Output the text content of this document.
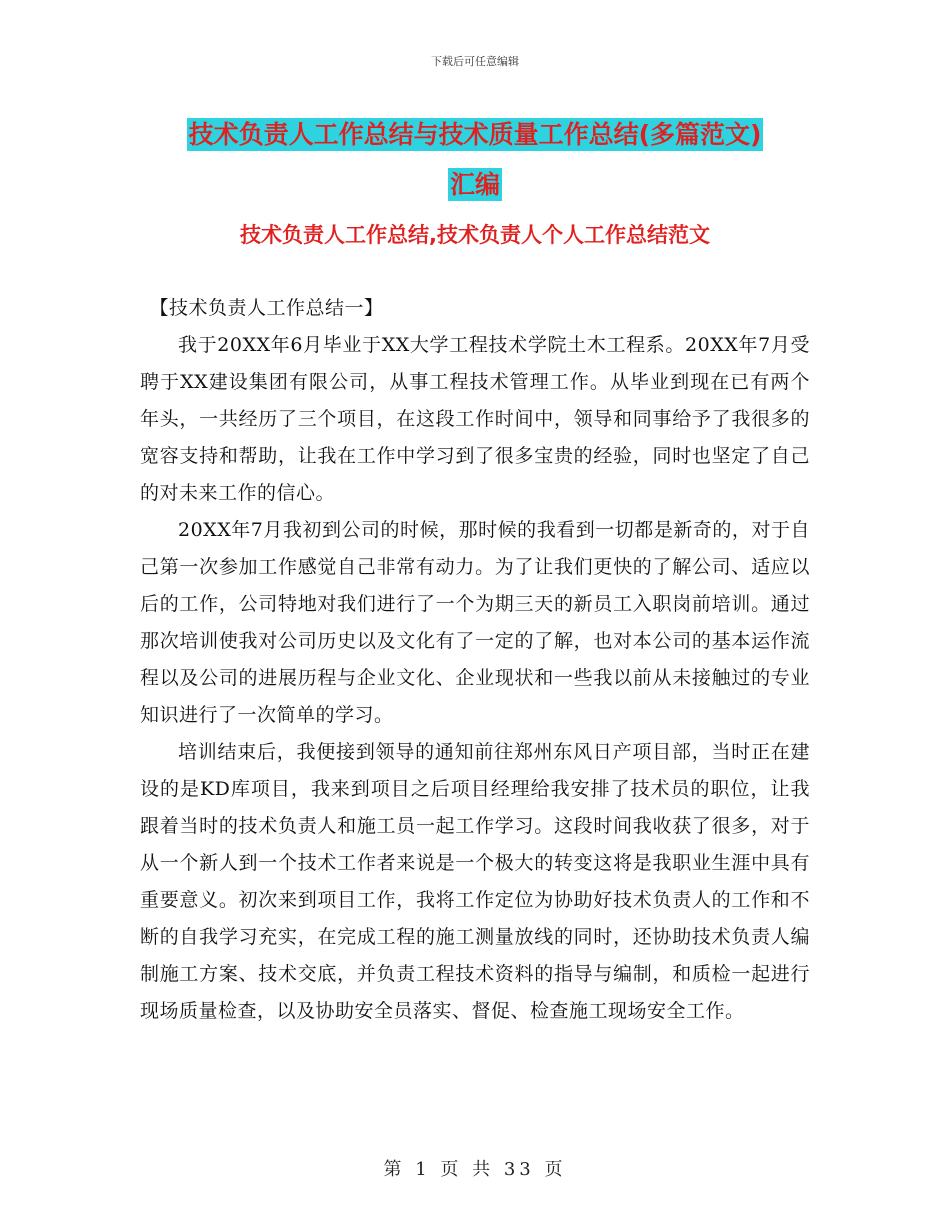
下载后可任意编辑
技术负责人工作总结与技术质量工作总结(多篇范文)
汇编
技术负责人工作总结,技术负责人个人工作总结范文

【技术负责人工作总结一】

我于20XX年6月毕业于XX大学工程技术学院土木工程系。20XX年7月受聘于XX建设集团有限公司，从事工程技术管理工作。从毕业到现在已有两个年头，一共经历了三个项目，在这段工作时间中，领导和同事给予了我很多的宽容支持和帮助，让我在工作中学习到了很多宝贵的经验，同时也坚定了自己的对未来工作的信心。

20XX年7月我初到公司的时候，那时候的我看到一切都是新奇的，对于自己第一次参加工作感觉自己非常有动力。为了让我们更快的了解公司、适应以后的工作，公司特地对我们进行了一个为期三天的新员工入职岗前培训。通过那次培训使我对公司历史以及文化有了一定的了解，也对本公司的基本运作流程以及公司的进展历程与企业文化、企业现状和一些我以前从未接触过的专业知识进行了一次简单的学习。

培训结束后，我便接到领导的通知前往郑州东风日产项目部，当时正在建设的是KD库项目，我来到项目之后项目经理给我安排了技术员的职位，让我跟着当时的技术负责人和施工员一起工作学习。这段时间我收获了很多，对于从一个新人到一个技术工作者来说是一个极大的转变这将是我职业生涯中具有重要意义。初次来到项目工作，我将工作定位为协助好技术负责人的工作和不断的自我学习充实，在完成工程的施工测量放线的同时，还协助技术负责人编制施工方案、技术交底，并负责工程技术资料的指导与编制，和质检一起进行现场质量检查，以及协助安全员落实、督促、检查施工现场安全工作。

第 1 页 共 33 页
